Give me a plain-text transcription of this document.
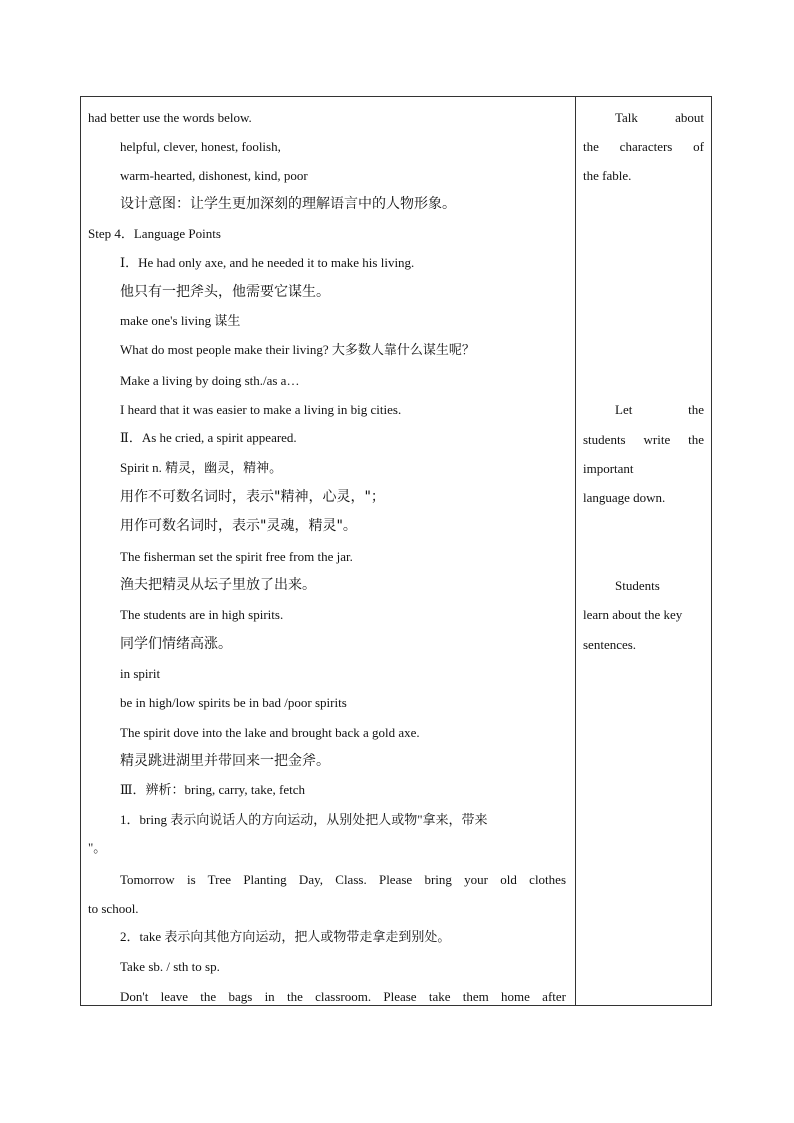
had better use the words below.
helpful, clever, honest, foolish,
warm-hearted, dishonest, kind, poor
设计意图：让学生更加深刻的理解语言中的人物形象。
Step 4．Language Points
Ⅰ．He had only axe, and he needed it to make his living.
他只有一把斧头，他需要它谋生。
make one's living 谋生
What do most people make their living? 大多数人靠什么谋生呢？
Make a living by doing sth./as a…
I heard that it was easier to make a living in big cities.
Ⅱ．As he cried, a spirit appeared.
Spirit n. 精灵，幽灵，精神。
用作不可数名词时，表示"精神，心灵，"；
用作可数名词时，表示"灵魂，精灵"。
The fisherman set the spirit free from the jar.
渔夫把精灵从坛子里放了出来。
The students are in high spirits.
同学们情绪高涨。
in spirit
be in high/low spirits be in bad /poor spirits
The spirit dove into the lake and brought back a gold axe.
精灵跳进湖里并带回来一把金斧。
Ⅲ．辨析：bring, carry, take, fetch
1．bring 表示向说话人的方向运动，从别处把人或物"拿来，带来
"。
Tomorrow is Tree Planting Day, Class. Please bring your old clothes
to school.
2．take 表示向其他方向运动，把人或物带走拿走到别处。
Take sb. / sth to sp.
Don't leave the bags in the classroom. Please take them home after
Talk about
the characters of
the fable.
Let the
students write the
important
language down.
Students
learn about the key
sentences.
